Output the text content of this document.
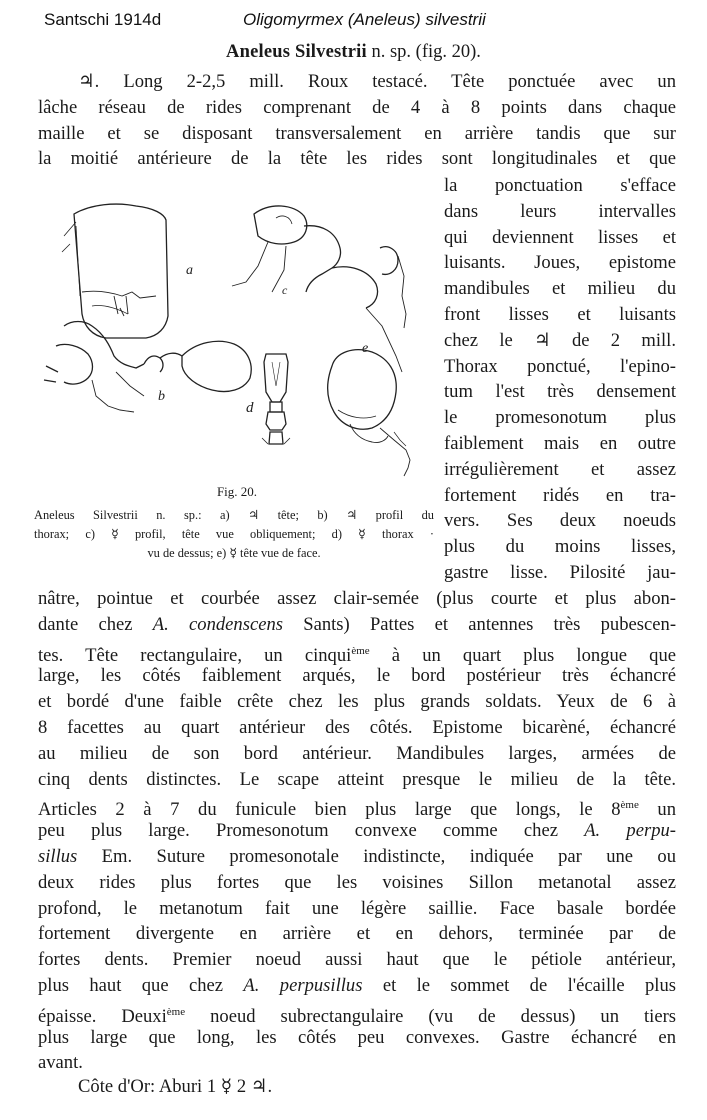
Santschi 1914d	Oligomyrmex (Aneleus) silvestrii
Aneleus Silvestrii n. sp. (fig. 20).
♃. Long 2-2,5 mill. Roux testacé. Tête ponctuée avec un
lâche réseau de rides comprenant de 4 à 8 points dans chaque
maille et se disposant transversalement en arrière tandis que sur
la moitié antérieure de la tête les rides sont longitudinales et que
la ponctuation s'efface
dans leurs intervalles
qui deviennent lisses et
luisants. Joues, epistome
mandibules et milieu du
front lisses et luisants
chez le ♃ de 2 mill.
Thorax ponctué, l'epino-
tum l'est très densement
le promesonotum plus
faiblement mais en outre
irrégulièrement et assez
fortement ridés en tra-
vers. Ses deux noeuds
plus du moins lisses,
gastre lisse. Pilosité jau-
nâtre, pointue et courbée assez clair-semée (plus courte et plus abon-
dante chez A. condenscens Sants) Pattes et antennes très pubescen-
tes. Tête rectangulaire, un cinqui$^{ème}$ à un quart plus longue que
large, les côtés faiblement arqués, le bord postérieur très échancré
et bordé d'une faible crête chez les plus grands soldats. Yeux de 6 à
8 facettes au quart antérieur des côtés. Epistome bicarèné, échancré
au milieu de son bord antérieur. Mandibules larges, armées de
cinq dents distinctes. Le scape atteint presque le milieu de la tête.
Articles 2 à 7 du funicule bien plus large que longs, le 8ème un
peu plus large. Promesonotum convexe comme chez A. perpu-
sillus Em. Suture promesonotale indistincte, indiquée par une ou
deux rides plus fortes que les voisines Sillon metanotal assez
profond, le metanotum fait une légère saillie. Face basale bordée
fortement divergente en arrière et en dehors, terminée par de
fortes dents. Premier noeud aussi haut que le pétiole antérieur,
plus haut que chez A. perpusillus et le sommet de l'écaille plus
épaisse. Deuxi$^{ème}$ noeud subrectangulaire (vu de dessus) un tiers
plus large que long, les côtés peu convexes. Gastre échancré en
avant.
a
c
b
d
e
Fig. 20.
Aneleus Silvestrii n. sp.: a) ♃ tête; b) ♃ profil du
thorax; c) ☿ profil, tête vue obliquement; d) ☿ thorax ·
vu de dessus; e) ☿ tête vue de face.
Côte d'Or: Aburi 1 ☿ 2 ♃.
